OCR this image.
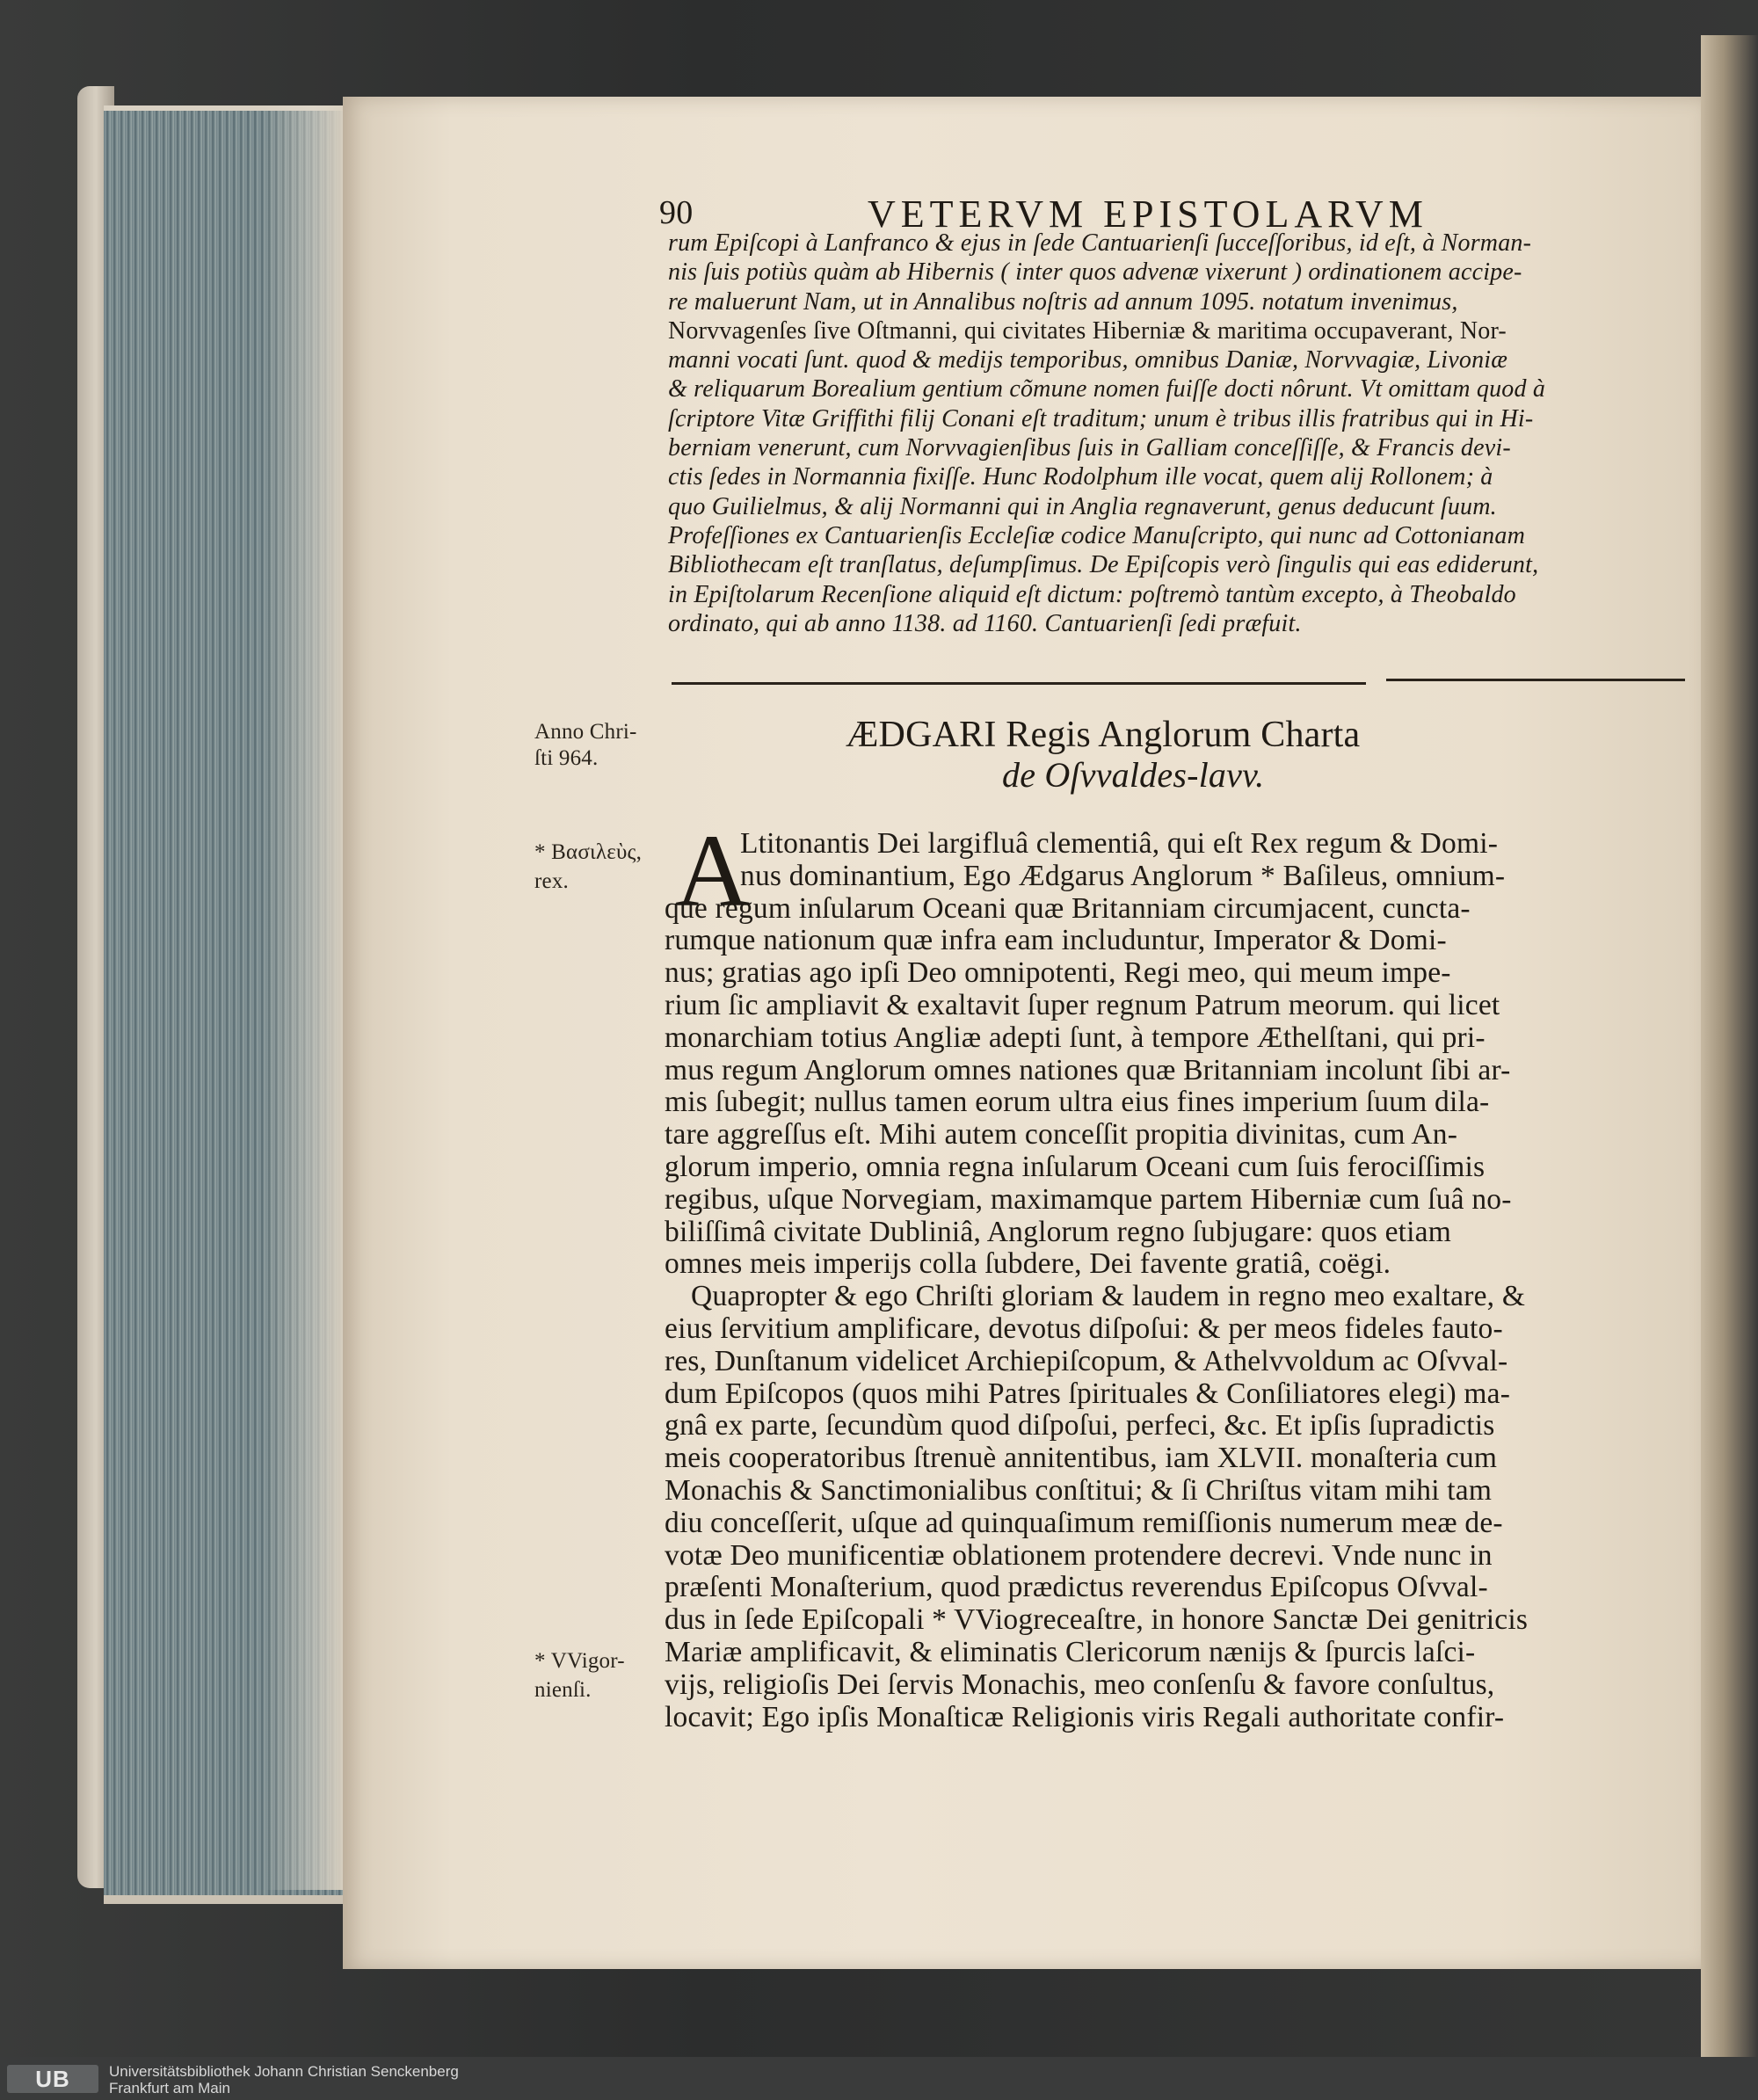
90	VETERVM EPISTOLARVM
rum Epiſcopi à Lanfranco & ejus in ſede Cantuarienſi ſucceſſoribus, id eſt, à Norman-
nis ſuis potiùs quàm ab Hibernis ( inter quos advenæ vixerunt ) ordinationem accipe-
re maluerunt Nam, ut in Annalibus noſtris ad annum 1095. notatum invenimus,
Norvvagenſes ſive Oſtmanni, qui civitates Hiberniæ & maritima occupaverant, Nor-
manni vocati ſunt. quod & medijs temporibus, omnibus Daniæ, Norvvagiæ, Livoniæ
& reliquarum Borealium gentium cõmune nomen fuiſſe docti nôrunt. Vt omittam quod à
ſcriptore Vitæ Griffithi filij Conani eſt traditum; unum è tribus illis fratribus qui in Hi-
berniam venerunt, cum Norvvagienſibus ſuis in Galliam conceſſiſſe, & Francis devi-
ctis ſedes in Normannia fixiſſe. Hunc Rodolphum ille vocat, quem alij Rollonem; à
quo Guilielmus, & alij Normanni qui in Anglia regnaverunt, genus deducunt ſuum.
Profeſſiones ex Cantuarienſis Eccleſiæ codice Manuſcripto, qui nunc ad Cottonianam
Bibliothecam eſt tranſlatus, deſumpſimus. De Epiſcopis verò ſingulis qui eas ediderunt,
in Epiſtolarum Recenſione aliquid eſt dictum: poſtremò tantùm excepto, à Theobaldo
ordinato, qui ab anno 1138. ad 1160. Cantuarienſi ſedi præfuit.
Anno Chri-
ſti 964.
ÆDGARI Regis Anglorum Charta
de Oſvvaldes-lavv.
* Βασιλεὺς,
rex. A
Ltitonantis Dei largifluâ clementiâ, qui eſt Rex regum & Domi-
nus dominantium, Ego Ædgarus Anglorum * Baſileus, omnium-
que regum inſularum Oceani quæ Britanniam circumjacent, cuncta-
rumque nationum quæ infra eam includuntur, Imperator & Domi-
nus; gratias ago ipſi Deo omnipotenti, Regi meo, qui meum impe-
rium ſic ampliavit & exaltavit ſuper regnum Patrum meorum. qui licet
monarchiam totius Angliæ adepti ſunt, à tempore Æthelſtani, qui pri-
mus regum Anglorum omnes nationes quæ Britanniam incolunt ſibi ar-
mis ſubegit; nullus tamen eorum ultra eius fines imperium ſuum dila-
tare aggreſſus eſt. Mihi autem conceſſit propitia divinitas, cum An-
glorum imperio, omnia regna inſularum Oceani cum ſuis ferociſſimis
regibus, uſque Norvegiam, maximamque partem Hiberniæ cum ſuâ no-
biliſſimâ civitate Dubliniâ, Anglorum regno ſubjugare: quos etiam
omnes meis imperijs colla ſubdere, Dei favente gratiâ, coëgi.
Quapropter & ego Chriſti gloriam & laudem in regno meo exaltare, &
eius ſervitium amplificare, devotus diſpoſui: & per meos fideles fauto-
res, Dunſtanum videlicet Archiepiſcopum, & Athelvvoldum ac Oſvval-
dum Epiſcopos (quos mihi Patres ſpirituales & Conſiliatores elegi) ma-
gnâ ex parte, ſecundùm quod diſpoſui, perfeci, &c. Et ipſis ſupradictis
meis cooperatoribus ſtrenuè annitentibus, iam XLVII. monaſteria cum
Monachis & Sanctimonialibus conſtitui; & ſi Chriſtus vitam mihi tam
diu conceſſerit, uſque ad quinquaſimum remiſſionis numerum meæ de-
votæ Deo munificentiæ oblationem protendere decrevi. Vnde nunc in
præſenti Monaſterium, quod prædictus reverendus Epiſcopus Oſvval-
dus in ſede Epiſcopali * VViogreceaſtre, in honore Sanctæ Dei genitricis
Mariæ amplificavit, & eliminatis Clericorum nænijs & ſpurcis laſci-
vijs, religioſis Dei ſervis Monachis, meo conſenſu & favore conſultus,
locavit; Ego ipſis Monaſticæ Religionis viris Regali authoritate confir-
* VVigor-
nienſi.
UB	Universitätsbibliothek Johann Christian Senckenberg
Frankfurt am Main
